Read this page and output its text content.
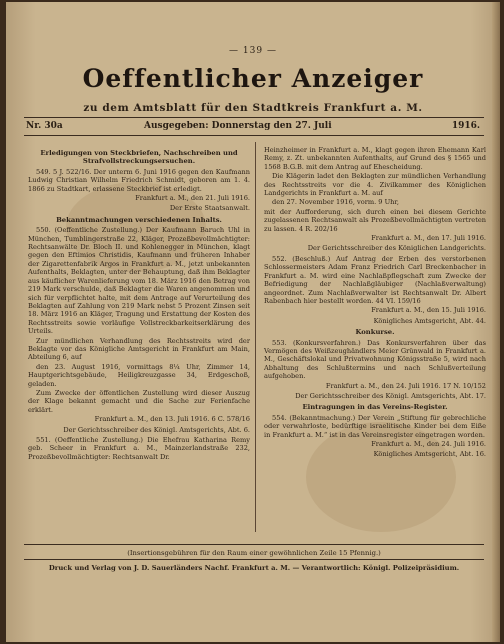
— 139 —
Oeffentlicher Anzeiger
zu dem Amtsblatt für den Stadtkreis Frankfurt a. M.
Nr. 30a	Ausgegeben: Donnerstag den 27. Juli	1916.
Erledigungen von Steckbriefen, Nachschreiben und Strafvollstreckungsersuchen.
549. 5 J. 522/16. Der unterm 6. Juni 1916 gegen den Kaufmann Ludwig Christian Wilhelm Friedrich Schmidt, geboren am 1. 4. 1866 zu Stadtkart, erlassene Steckbrief ist erledigt.
Frankfurt a. M., den 21. Juli 1916.
Der Erste Staatsanwalt.
Bekanntmachungen verschiedenen Inhalts.
550. (Oeffentliche Zustellung.) Der Kaufmann Baruch Uhl in München, Tumblingerstraße 22, Kläger, Prozeßbevollmächtigter: Rechtsanwälte Dr. Bloch II. und Kohlenegger in München, klagt gegen den Eftimios Christidis, Kaufmann und früheren Inhaber der Zigarettenfabrik Argos in Frankfurt a. M., jetzt unbekannten Aufenthalts, Beklagten, unter der Behauptung, daß ihm Beklagter aus käuflicher Warenlieferung vom 18. März 1916 den Betrag von 219 Mark verschulde, daß Beklagter die Waren angenommen und sich für verpflichtet halte, mit dem Antrage auf Verurteilung des Beklagten auf Zahlung von 219 Mark nebst 5 Prozent Zinsen seit 18. März 1916 an Kläger, Tragung und Erstattung der Kosten des Rechtsstreits sowie vorläufige Vollstreckbarkeitserklärung des Urteils.
Zur mündlichen Verhandlung des Rechtsstreits wird der Beklagte vor das Königliche Amtsgericht in Frankfurt am Main, Abteilung 6, auf
den 23. August 1916, vormittags 8¼ Uhr, Zimmer 14, Hauptgerichtsgebäude, Heiligkreuzgasse 34, Erdgeschoß, geladen.
Zum Zwecke der öffentlichen Zustellung wird dieser Auszug der Klage bekannt gemacht und die Sache zur Ferienfache erklärt.
Frankfurt a. M., den 13. Juli 1916. 6 C. 578/16
Der Gerichtsschreiber des Königl. Amtsgerichts, Abt. 6.
551. (Oeffentliche Zustellung.) Die Ehefrau Katharina Remy geb. Scheer in Frankfurt a. M., Mainzerlandstraße 232, Prozeßbevollmächtigter: Rechtsanwalt Dr.
Heinzheimer in Frankfurt a. M., klagt gegen ihren Ehemann Karl Remy, z. Zt. unbekannten Aufenthalts, auf Grund des § 1565 und 1568 B.G.B. mit dem Antrag auf Ehescheidung.
Die Klägerin ladet den Beklagten zur mündlichen Verhandlung des Rechtsstreits vor die 4. Zivilkammer des Königlichen Landgerichts in Frankfurt a. M. auf
den 27. November 1916, vorm. 9 Uhr,
mit der Aufforderung, sich durch einen bei diesem Gerichte zugelassenen Rechtsanwalt als Prozeßbevollmächtigten vertreten zu lassen. 4 R. 202/16
Frankfurt a. M., den 17. Juli 1916.
Der Gerichtsschreiber des Königlichen Landgerichts.
552. (Beschluß.) Auf Antrag der Erben des verstorbenen Schlossermeisters Adam Franz Friedrich Carl Breckenbacher in Frankfurt a. M. wird eine Nachlaßpflegschaft zum Zwecke der Befriedigung der Nachlaßgläubiger (Nachlaßverwaltung) angeordnet. Zum Nachlaßverwalter ist Rechtsanwalt Dr. Albert Rabenbach hier bestellt worden. 44 VI. 159/16
Frankfurt a. M., den 15. Juli 1916.
Königliches Amtsgericht, Abt. 44.
Konkurse.
553. (Konkursverfahren.) Das Konkursverfahren über das Vermögen des Weißzeughändlers Meier Grünwald in Frankfurt a. M., Geschäftslokal und Privatwohnung Königsstraße 5, wird nach Abhaltung des Schlußtermins und nach Schlußverteilung aufgehoben.
Frankfurt a. M., den 24. Juli 1916. 17 N. 10/152
Der Gerichtsschreiber des Königl. Amtsgerichts, Abt. 17.
Eintragungen in das Vereins-Register.
554. (Bekanntmachung.) Der Verein „Stiftung für gebrechliche oder verwahrloste, bedürftige israelitische Kinder bei dem Eiße in Frankfurt a. M.“ ist in das Vereinsregister eingetragen worden.
Frankfurt a. M., den 24. Juli 1916.
Königliches Amtsgericht, Abt. 16.
(Insertionsgebühren für den Raum einer gewöhnlichen Zeile 15 Pfennig.)
Druck und Verlag von J. D. Sauerländers Nachf. Frankfurt a. M. — Verantwortlich: Königl. Polizeipräsidium.
